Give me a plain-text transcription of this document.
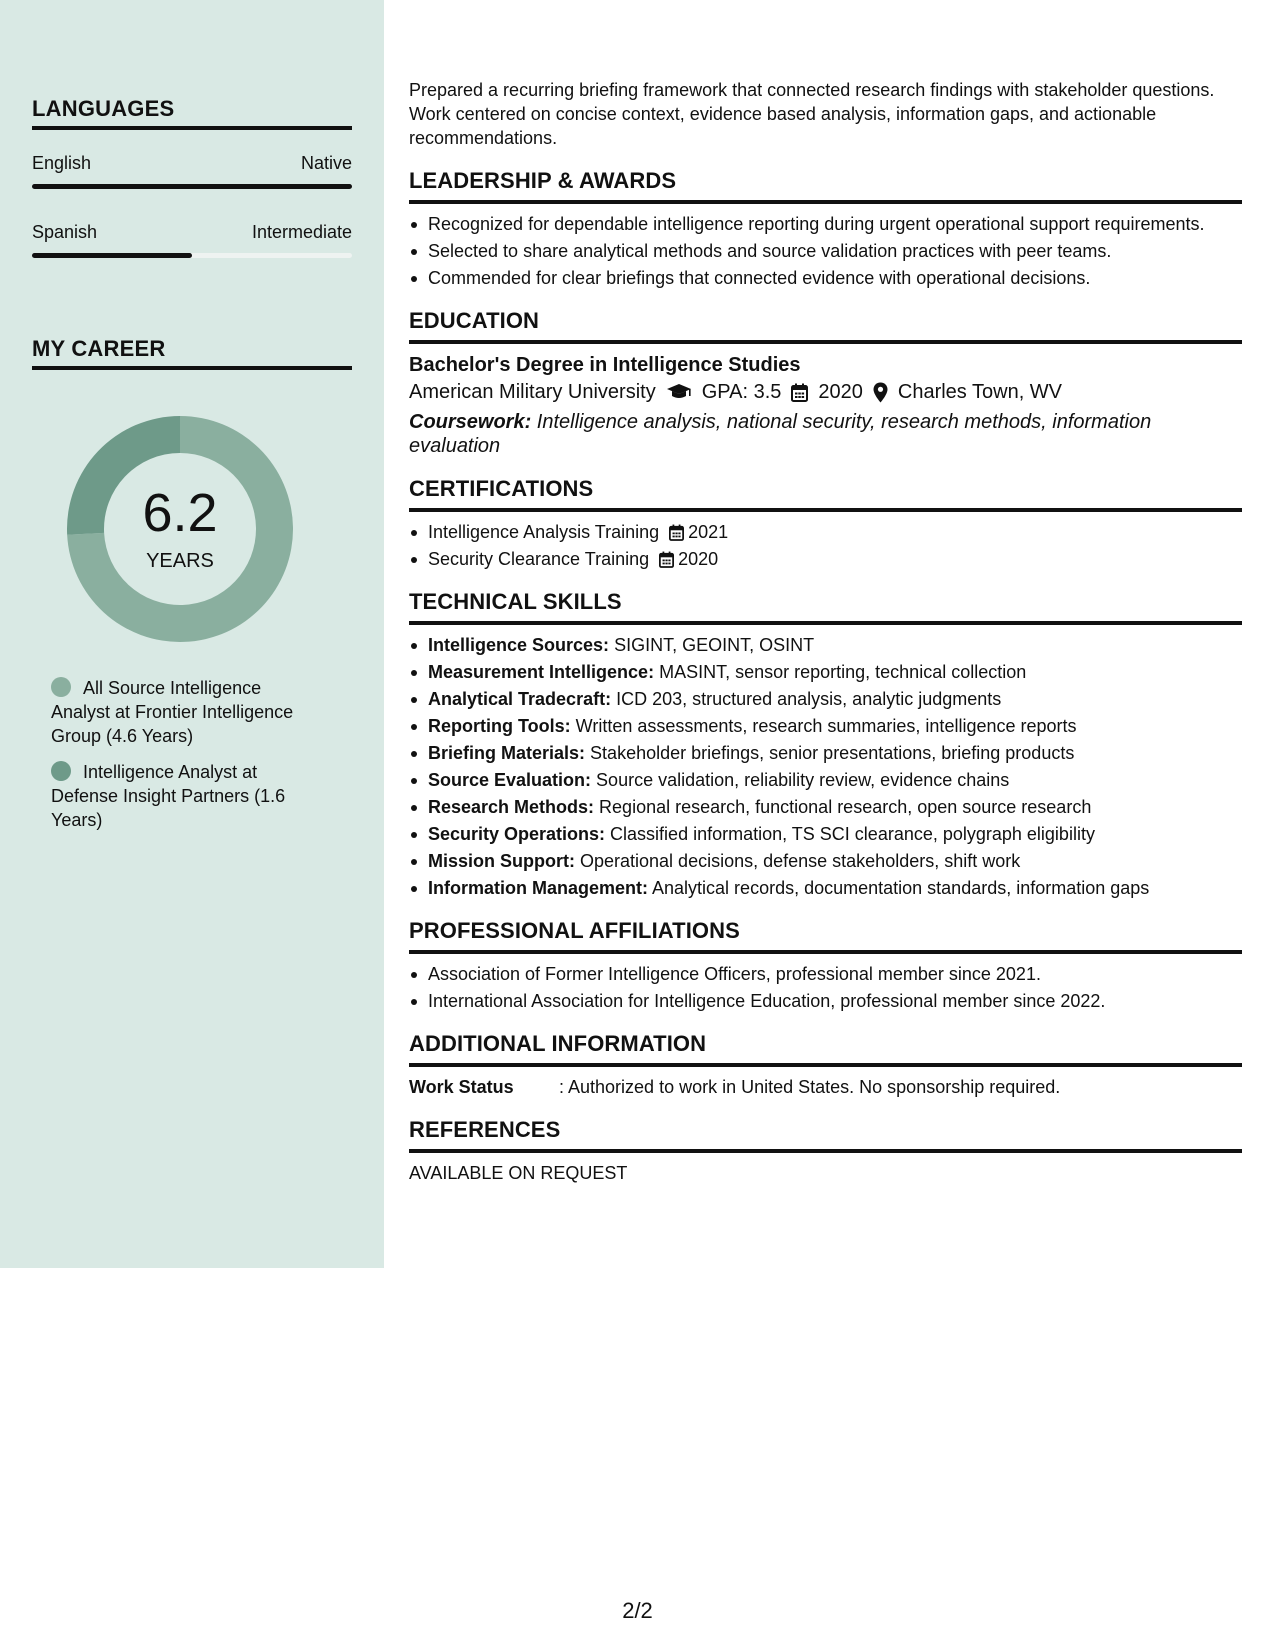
LANGUAGES
English	Native
Spanish	Intermediate
MY CAREER
6.2
YEARS
All Source Intelligence Analyst at Frontier Intelligence Group (4.6 Years)
Intelligence Analyst at Defense Insight Partners (1.6 Years)

Prepared a recurring briefing framework that connected research findings with stakeholder questions. Work centered on concise context, evidence based analysis, information gaps, and actionable recommendations.

LEADERSHIP & AWARDS
Recognized for dependable intelligence reporting during urgent operational support requirements.
Selected to share analytical methods and source validation practices with peer teams.
Commended for clear briefings that connected evidence with operational decisions.
EDUCATION
Bachelor's Degree in Intelligence Studies
American Military University GPA: 3.5 2020 Charles Town, WV
Coursework: Intelligence analysis, national security, research methods, information evaluation
CERTIFICATIONS
Intelligence Analysis Training 2021
Security Clearance Training 2020
TECHNICAL SKILLS
Intelligence Sources: SIGINT, GEOINT, OSINT
Measurement Intelligence: MASINT, sensor reporting, technical collection
Analytical Tradecraft: ICD 203, structured analysis, analytic judgments
Reporting Tools: Written assessments, research summaries, intelligence reports
Briefing Materials: Stakeholder briefings, senior presentations, briefing products
Source Evaluation: Source validation, reliability review, evidence chains
Research Methods: Regional research, functional research, open source research
Security Operations: Classified information, TS SCI clearance, polygraph eligibility
Mission Support: Operational decisions, defense stakeholders, shift work
Information Management: Analytical records, documentation standards, information gaps
PROFESSIONAL AFFILIATIONS
Association of Former Intelligence Officers, professional member since 2021.
International Association for Intelligence Education, professional member since 2022.
ADDITIONAL INFORMATION
Work Status	: Authorized to work in United States. No sponsorship required.
REFERENCES
AVAILABLE ON REQUEST
2/2
